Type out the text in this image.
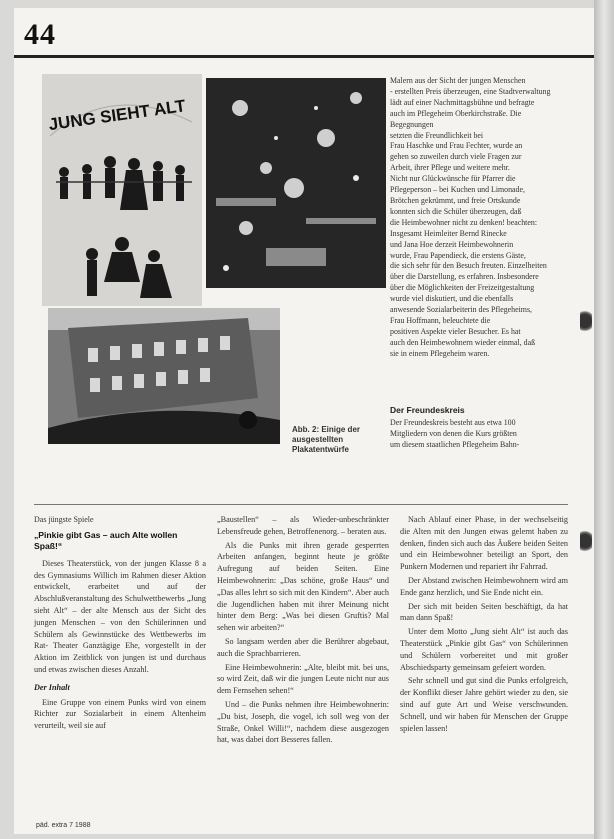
44
JUNG SIEHT ALT
Abb. 2: Einige der ausgestellten Plakatentwürfe
Malern aus der Sicht der jungen Menschen
- erstellten Preis überzeugen, eine Stadtverwaltung
lädt auf einer Nachmittagsbühne und befragte
auch im Pflegeheim Oberkirchstraße. Die Begegnungen
setzten die Freundlichkeit bei
Frau Haschke und Frau Fechter, wurde an
gehen so zuweilen durch viele Fragen zur
Arbeit, ihrer Pflege und weitere mehr.
Nicht nur Glückwünsche für Pfarrer die
Pflegeperson – bei Kuchen und Limonade,
Brötchen gekrümmt, und freie Ortskunde
konnten sich die Schüler überzeugen, daß
die Heimbewohner nicht zu denken! beachten:
Insgesamt Heimleiter Bernd Rinecke
und Jana Hoe derzeit Heimbewohnerin
wurde, Frau Papendieck, die erstens Gäste,
die sich sehr für den Besuch freuten. Einzelheiten
über die Darstellung, es erfahren. Insbesondere
über die Möglichkeiten der Freizeitgestaltung
wurde viel diskutiert, und die ebenfalls
anwesende Sozialarbeiterin des Pflegeheims,
Frau Hoffmann, beleuchtete die
positiven Aspekte vieler Besucher. Es hat
auch den Heimbewohnern wieder einmal, daß
sie in einem Pflegeheim waren.
Der Freundeskreis
Der Freundeskreis besteht aus etwa 100
Mitgliedern von denen die Kurs größten
um diesem staatlichen Pflegeheim Bahn-
Das jüngste Spiele
„Pinkie gibt Gas – auch Alte wollen Spaß!“

Dieses Theaterstück, von der jungen Klasse 8 a des Gymnasiums Willich im Rahmen dieser Aktion entwickelt, erarbeitet und auf der Abschlußveranstaltung des Schulwettbewerbs „Jung sieht Alt“ – der alte Mensch aus der Sicht des jungen Menschen – von den Schülerinnen und Schülern als Gewinnstücke des Wettbewerbs im Rat- Theater Ganztägige Ehe, vorgestellt in der Aktion im Zeitblick von jungen ist und durchaus und etwas zwischen dieses Anzahl.

Der Inhalt

Eine Gruppe von einem Punks wird von einem Richter zur Sozialarbeit in einem Altenheim verurteilt, weil sie auf

„Baustellen“ – als Wieder-unbeschränkter Lebensfreude gehen, Betroffenenorg. – beraten aus.

Als die Punks mit ihren gerade gesperrten Arbeiten anfangen, beginnt heute je größte Aufregung auf beiden Seiten. Eine Heimbewohnerin: „Das schöne, große Haus“ und „Das alles lehrt so sich mit den Kindern“. Aber auch die Jugendlichen haben mit ihrer Meinung nicht hinter dem Berg: „Was bei diesen Gruftis? Mal sehen wir arbeiten?“

So langsam werden aber die Berührer abgebaut, auch die Sprachbarrieren.

Eine Heimbewohnerin: „Alte, bleibt mit. bei uns, so wird Zeit, daß wir die jungen Leute nicht nur aus dem Fernsehen sehen!“

Und – die Punks nehmen ihre Heimbewohnerin: „Du bist, Joseph, die vogel, ich soll weg von der Straße, Onkel Willi!“, nachdem diese ausgezogen hat, was dabei dort Besseres fallen.

Nach Ablauf einer Phase, in der wechselseitig die Alten mit den Jungen etwas gelernt haben zu denken, finden sich auch das Äußere beiden Seiten und ein Heimbewohner beteiligt an Sport, den Punkern Modernen und repariert ihr Fahrrad.

Der Abstand zwischen Heimbewohnern wird am Ende ganz herzlich, und Sie Ende nicht ein.

Der sich mit beiden Seiten beschäftigt, da hat man dann Spaß!

Unter dem Motto „Jung sieht Alt“ ist auch das Theaterstück „Pinkie gibt Gas“ von Schülerinnen und Schülern vorbereitet und mit großer Abschiedsparty gemeinsam gefeiert worden.

Sehr schnell und gut sind die Punks erfolgreich, der Konflikt dieser Jahre gehört wieder zu den, sie sind auf gute Art und Weise verschwunden. Schnell, und wir haben für Menschen der Gruppe spielen lassen!

päd. extra 7 1988
